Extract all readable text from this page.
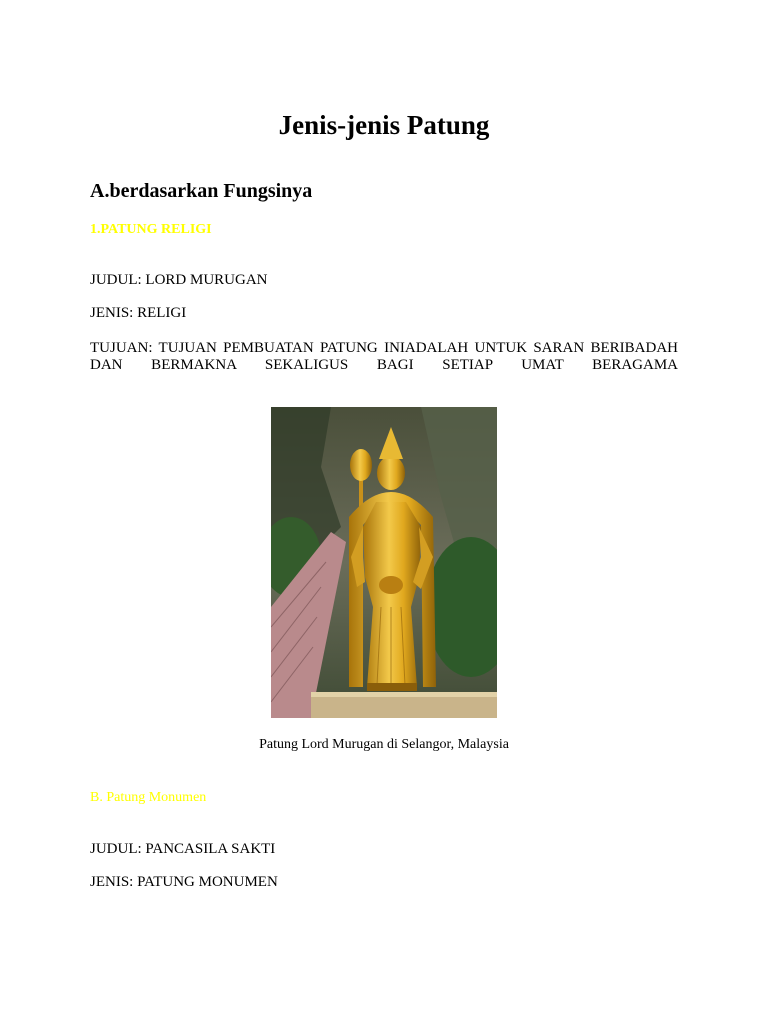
Jenis-jenis Patung
A.berdasarkan Fungsinya
1.PATUNG RELIGI
JUDUL: LORD MURUGAN
JENIS: RELIGI
TUJUAN: TUJUAN PEMBUATAN PATUNG INIADALAH UNTUK SARAN BERIBADAH
DAN BERMAKNA SEKALIGUS BAGI SETIAP UMAT BERAGAMA
Patung Lord Murugan di Selangor, Malaysia
B. Patung Monumen
JUDUL: PANCASILA SAKTI
JENIS: PATUNG MONUMEN
